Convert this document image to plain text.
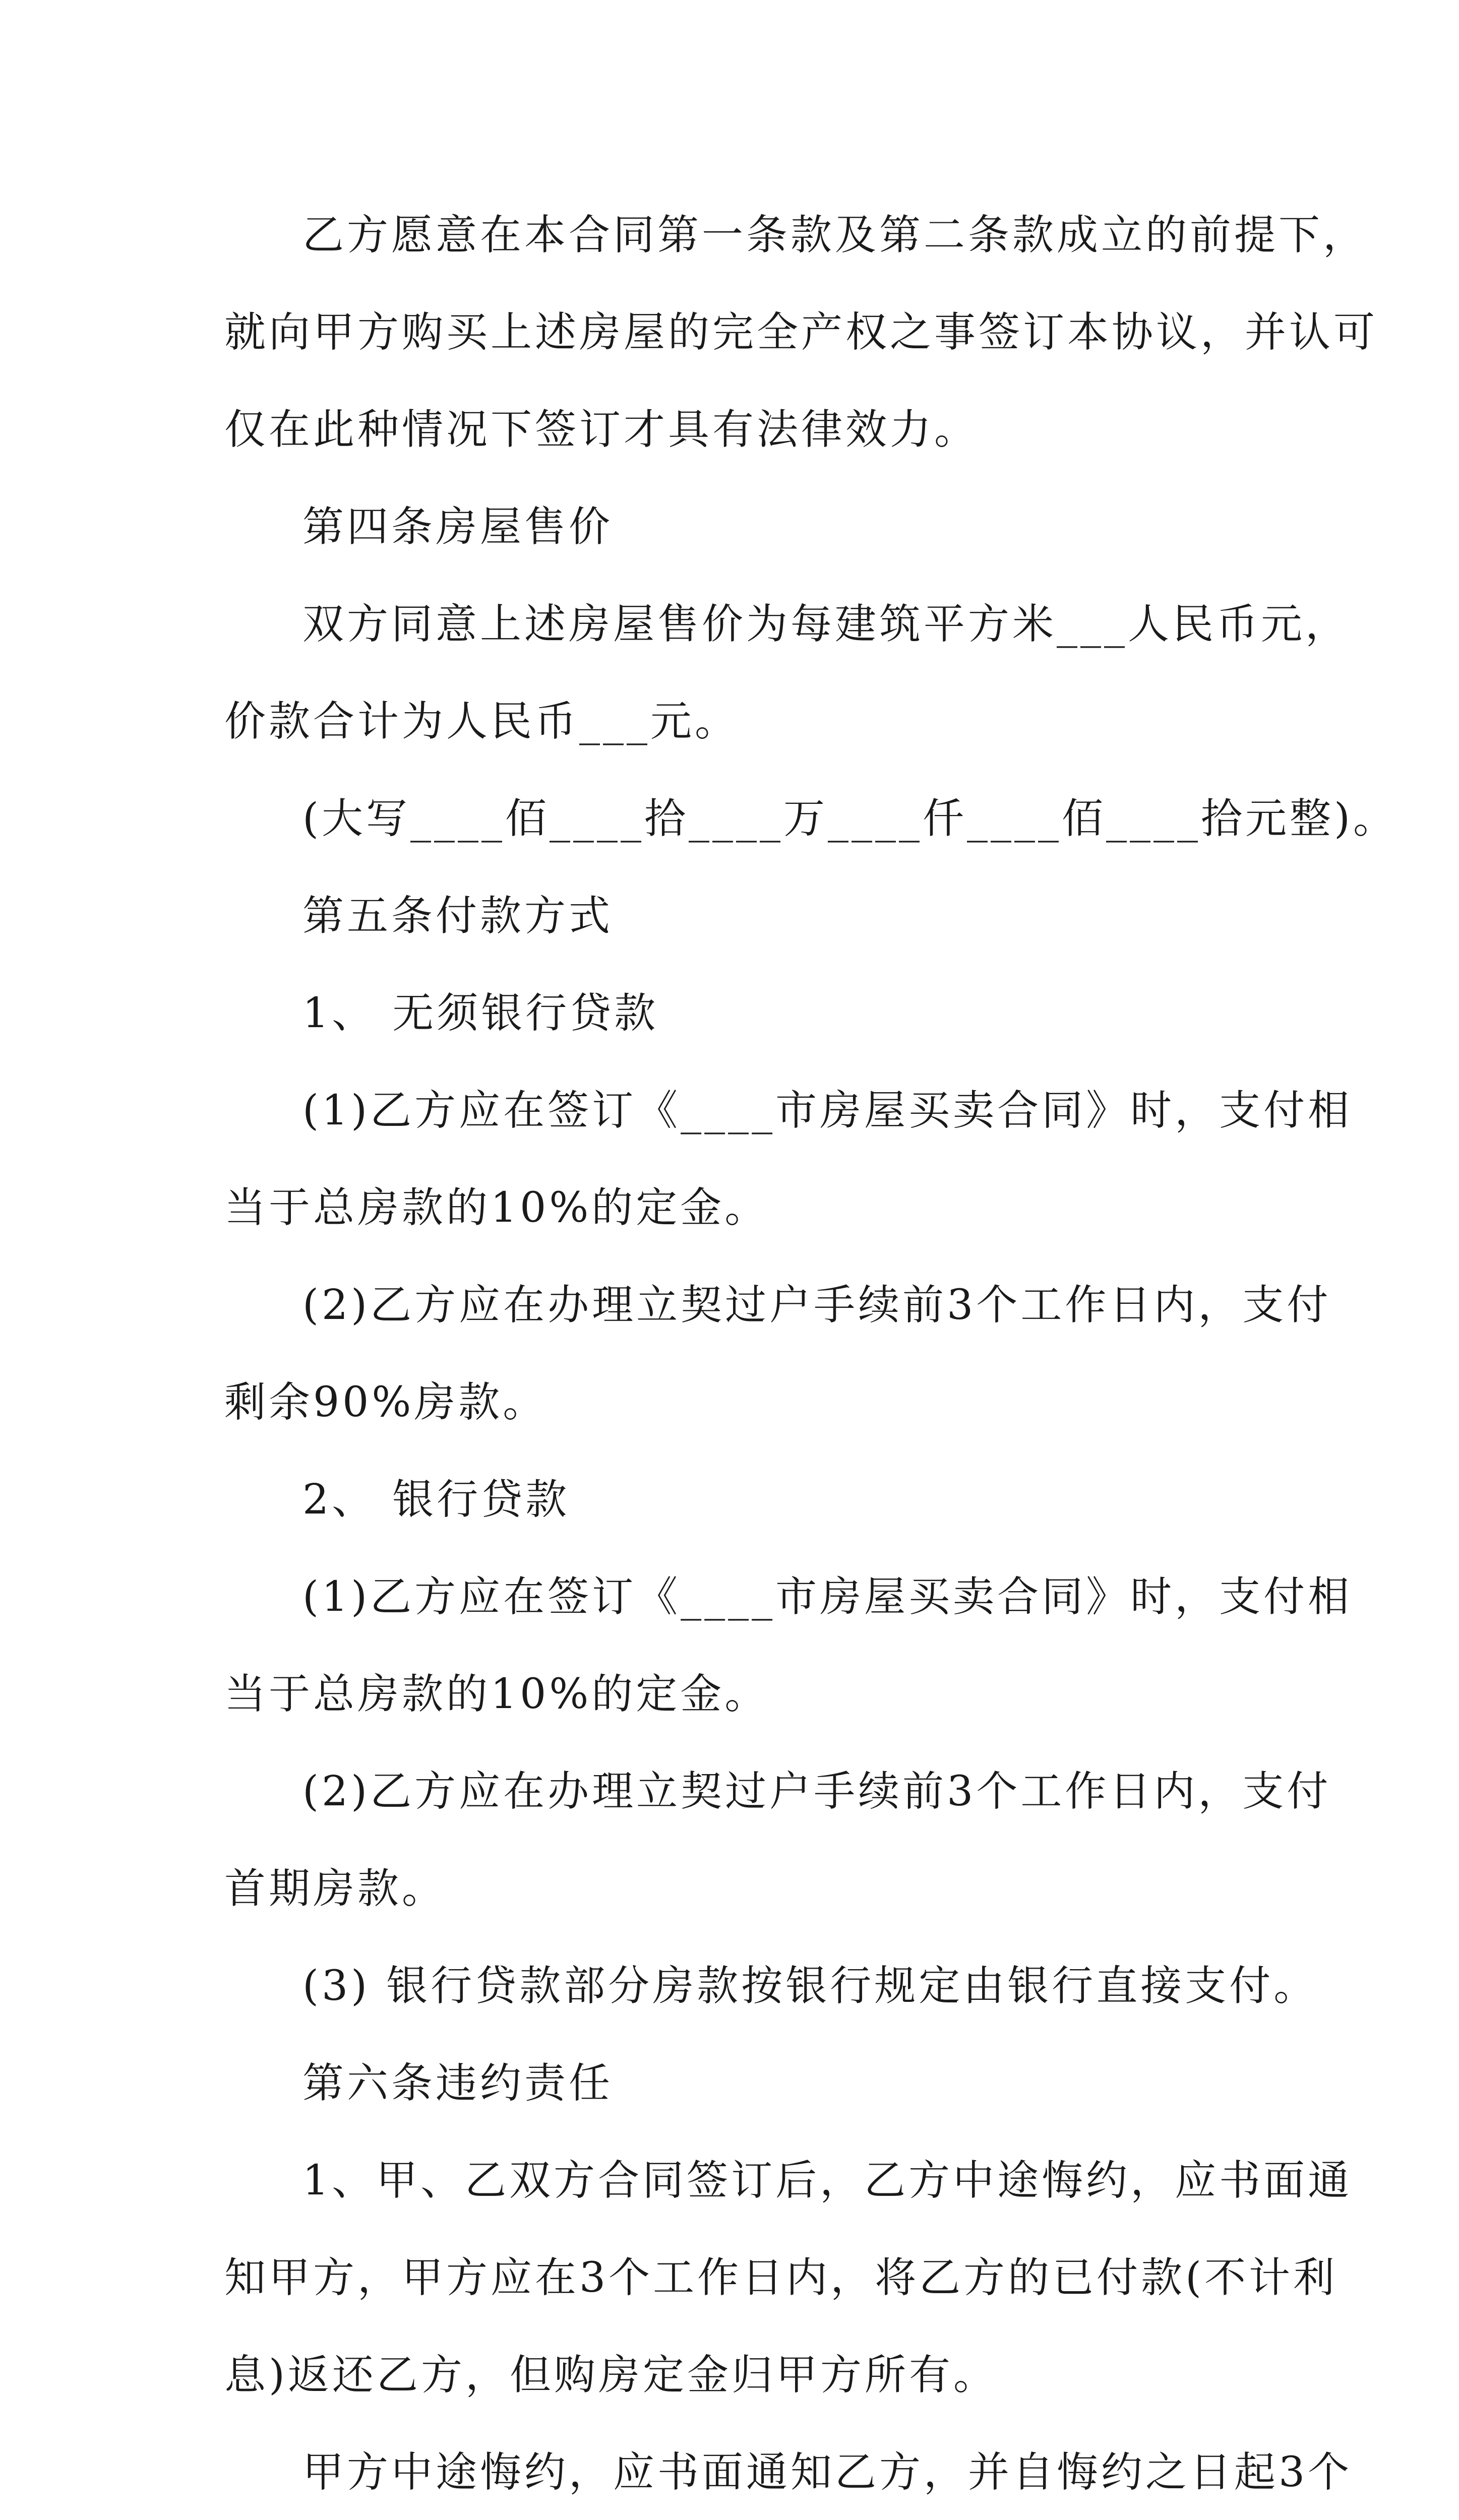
乙方愿意在本合同第一条款及第二条款成立的前提下，

就向甲方购买上述房屋的完全产权之事签订本协议，并认可

仅在此种情况下签订才具有法律效力。

第四条房屋售价

双方同意上述房屋售价为每建筑平方米___人民币元，

价款合计为人民币___元。

(大写____佰____拾____万____仟____佰____拾元整)。

第五条付款方式

1、 无须银行贷款

(1)乙方应在签订《____市房屋买卖合同》时，支付相

当于总房款的10%的定金。

(2)乙方应在办理立契过户手续前3个工作日内，支付

剩余90%房款。

2、 银行贷款

(1)乙方应在签订《____市房屋买卖合同》时，支付相

当于总房款的10%的定金。

(2)乙方应在办理立契过户手续前3个工作日内，支付

首期房款。

(3) 银行贷款部分房款按银行规定由银行直接支付。

第六条违约责任

1、甲、乙双方合同签订后，乙方中途悔约，应书面通

知甲方，甲方应在3个工作日内，将乙方的已付款(不计利

息)返还乙方，但购房定金归甲方所有。

甲方中途悔约，应书面通知乙方，并自悔约之日起3个
